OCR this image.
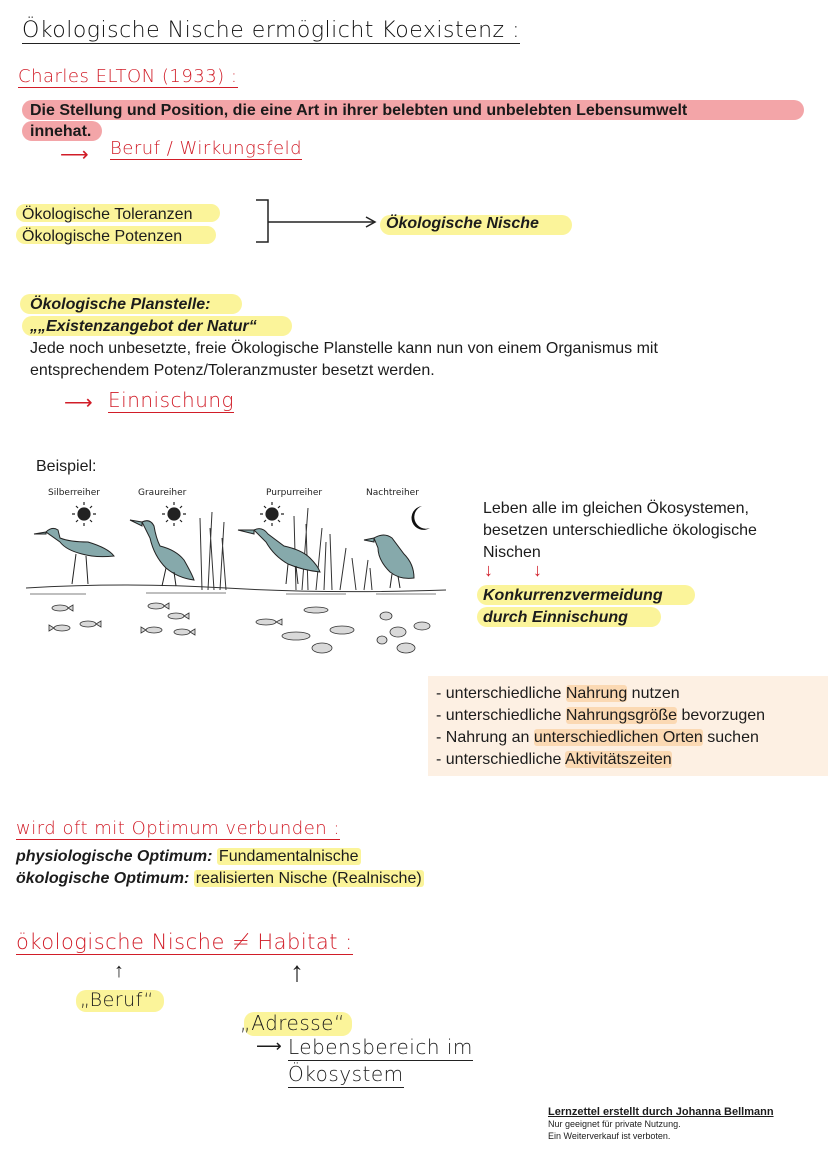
Ökologische Nische ermöglicht Koexistenz :
Charles ELTON (1933) :
Die Stellung und Position, die eine Art in ihrer belebten und unbelebten Lebensumwelt
innehat.
⟶ Beruf / Wirkungsfeld
Ökologische Toleranzen
Ökologische Potenzen
Ökologische Nische
Ökologische Planstelle:
„„Existenzangebot der Natur“
Jede noch unbesetzte, freie Ökologische Planstelle kann nun von einem Organismus mit
entsprechendem Potenz/Toleranzmuster besetzt werden.
⟶ Einnischung
Beispiel:
Silberreiher	Graureiher	Purpurreiher	Nachtreiher
Leben alle im gleichen Ökosystemen,
besetzen unterschiedliche ökologische
Nischen
↓ ↓
Konkurrenzvermeidung
durch Einnischung
- unterschiedliche Nahrung nutzen
- unterschiedliche Nahrungsgröße bevorzugen
- Nahrung an unterschiedlichen Orten suchen
- unterschiedliche Aktivitätszeiten
wird oft mit Optimum verbunden :
physiologische Optimum: Fundamentalnische
ökologische Optimum: realisierten Nische (Realnische)
ökologische Nische ≠ Habitat :
↑	↑
„Beruf“
„Adresse“
⟶ Lebensbereich im
Ökosystem
Lernzettel erstellt durch Johanna Bellmann
Nur geeignet für private Nutzung.
Ein Weiterverkauf ist verboten.
